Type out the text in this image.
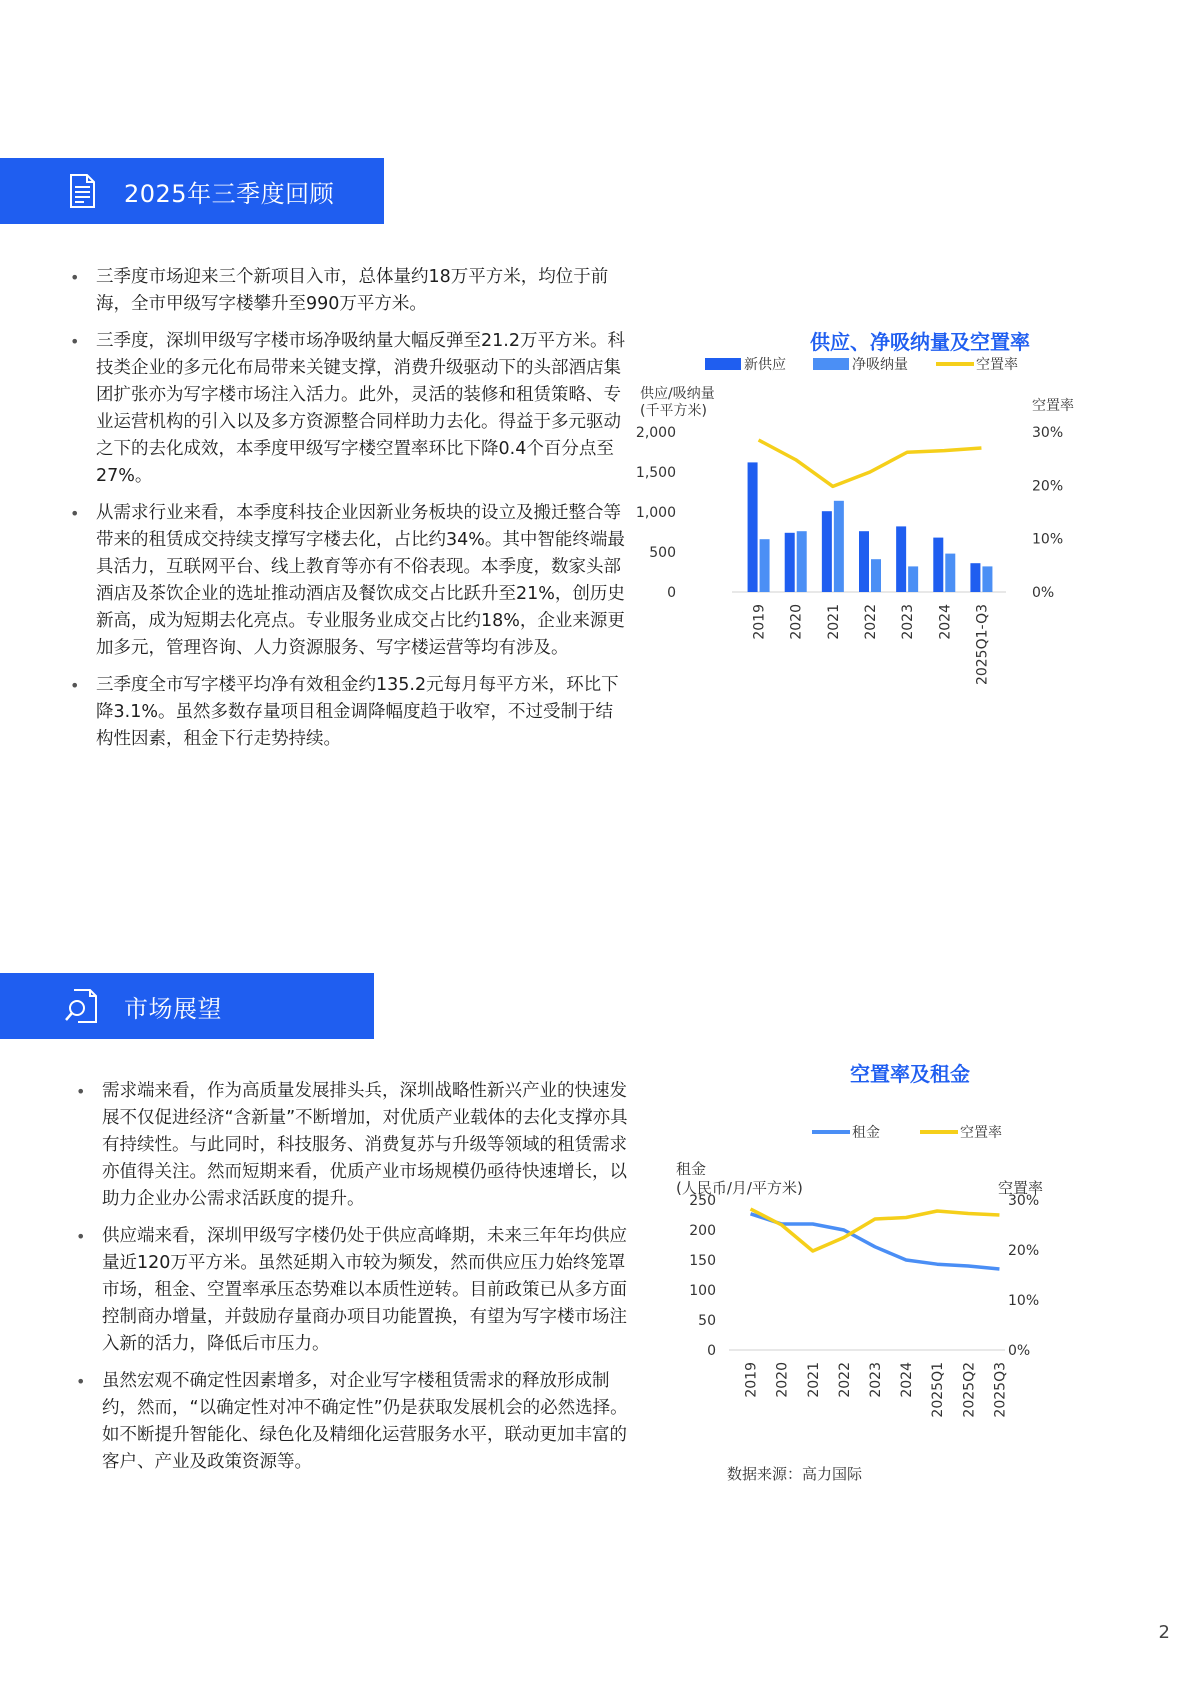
2025年三季度回顾
• 三季度市场迎来三个新项目入市，总体量约18万平方米，均位于前海，全市甲级写字楼攀升至990万平方米。
• 三季度，深圳甲级写字楼市场净吸纳量大幅反弹至21.2万平方米。科技类企业的多元化布局带来关键支撑，消费升级驱动下的头部酒店集团扩张亦为写字楼市场注入活力。此外，灵活的装修和租赁策略、专业运营机构的引入以及多方资源整合同样助力去化。得益于多元驱动之下的去化成效，本季度甲级写字楼空置率环比下降0.4个百分点至27%。
• 从需求行业来看，本季度科技企业因新业务板块的设立及搬迁整合等带来的租赁成交持续支撑写字楼去化，占比约34%。其中智能终端最具活力，互联网平台、线上教育等亦有不俗表现。本季度，数家头部酒店及茶饮企业的选址推动酒店及餐饮成交占比跃升至21%，创历史新高，成为短期去化亮点。专业服务业成交占比约18%，企业来源更加多元，管理咨询、人力资源服务、写字楼运营等均有涉及。
• 三季度全市写字楼平均净有效租金约135.2元每月每平方米，环比下降3.1%。虽然多数存量项目租金调降幅度趋于收窄，不过受制于结构性因素，租金下行走势持续。
供应、净吸纳量及空置率
新供应	净吸纳量	空置率
供应/吸纳量
(千平方米)	空置率
2,000
1,500
1,000
500
0
30%
20%
10%
0%
2019 2020 2021 2022 2023 2024 2025Q1-Q3
市场展望
• 需求端来看，作为高质量发展排头兵，深圳战略性新兴产业的快速发展不仅促进经济“含新量”不断增加，对优质产业载体的去化支撑亦具有持续性。与此同时，科技服务、消费复苏与升级等领域的租赁需求亦值得关注。然而短期来看，优质产业市场规模仍亟待快速增长，以助力企业办公需求活跃度的提升。
• 供应端来看，深圳甲级写字楼仍处于供应高峰期，未来三年年均供应量近120万平方米。虽然延期入市较为频发，然而供应压力始终笼罩市场，租金、空置率承压态势难以本质性逆转。目前政策已从多方面控制商办增量，并鼓励存量商办项目功能置换，有望为写字楼市场注入新的活力，降低后市压力。
• 虽然宏观不确定性因素增多，对企业写字楼租赁需求的释放形成制约，然而，“以确定性对冲不确定性”仍是获取发展机会的必然选择。如不断提升智能化、绿色化及精细化运营服务水平，联动更加丰富的客户、产业及政策资源等。
空置率及租金
租金	空置率
租金
(人民币/月/平方米)	空置率
250
200
150
100
50
0
30%
20%
10%
0%
2019 2020 2021 2022 2023 2024 2025Q1 2025Q2 2025Q3
数据来源：高力国际
2
